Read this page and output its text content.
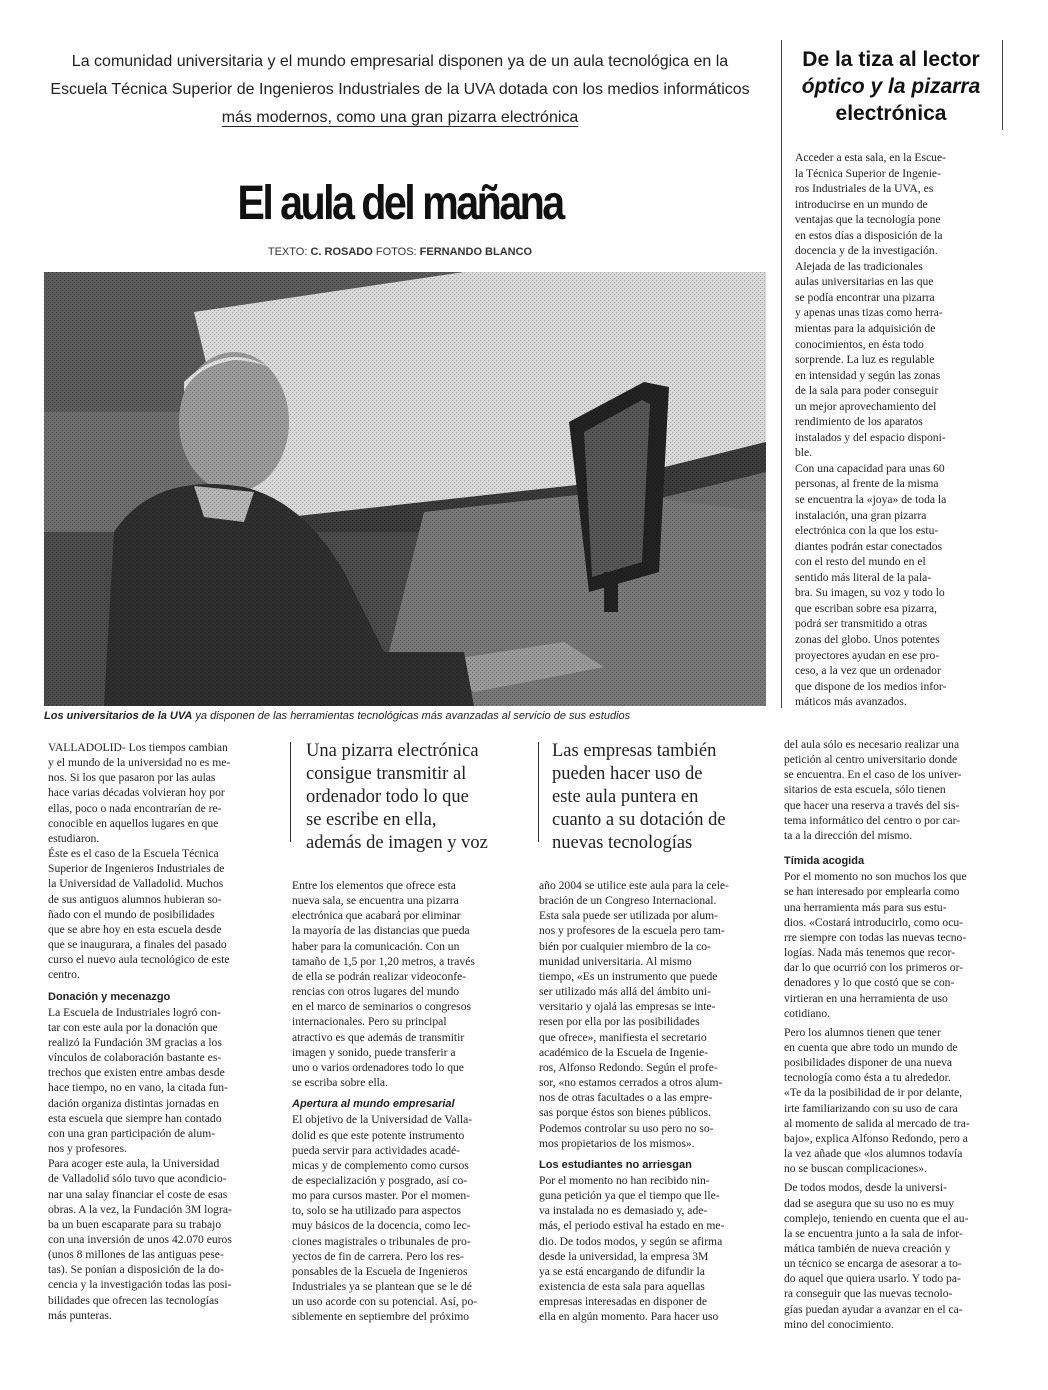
La comunidad universitaria y el mundo empresarial disponen ya de un aula tecnológica en la
Escuela Técnica Superior de Ingenieros Industriales de la UVA dotada con los medios informáticos
más modernos, como una gran pizarra electrónica
El aula del mañana
TEXTO: C. ROSADO FOTOS: FERNANDO BLANCO
Los universitarios de la UVA ya disponen de las herramientas tecnológicas más avanzadas al servicio de sus estudios
De la tiza al lector
óptico y la pizarra
electrónica
Acceder a esta sala, en la Escue-
la Técnica Superior de Ingenie-
ros Industriales de la UVA, es
introducirse en un mundo de
ventajas que la tecnología pone
en estos días a disposición de la
docencia y de la investigación.
Alejada de las tradicionales
aulas universitarias en las que
se podía encontrar una pizarra
y apenas unas tizas como herra-
mientas para la adquisición de
conocimientos, en ésta todo
sorprende. La luz es regulable
en intensidad y según las zonas
de la sala para poder conseguir
un mejor aprovechamiento del
rendimiento de los aparatos
instalados y del espacio disponi-
ble.
Con una capacidad para unas 60
personas, al frente de la misma
se encuentra la «joya» de toda la
instalación, una gran pizarra
electrónica con la que los estu-
diantes podrán estar conectados
con el resto del mundo en el
sentido más literal de la pala-
bra. Su imagen, su voz y todo lo
que escriban sobre esa pizarra,
podrá ser transmitido a otras
zonas del globo. Unos potentes
proyectores ayudan en ese pro-
ceso, a la vez que un ordenador
que dispone de los medios infor-
máticos más avanzados.
VALLADOLID- Los tiempos cambian
y el mundo de la universidad no es me-
nos. Si los que pasaron por las aulas
hace varias décadas volvieran hoy por
ellas, poco o nada encontrarían de re-
conocible en aquellos lugares en que
estudiaron.
Éste es el caso de la Escuela Técnica
Superior de Ingenieros Industriales de
la Universidad de Valladolid. Muchos
de sus antiguos alumnos hubieran so-
ñado con el mundo de posibilidades
que se abre hoy en esta escuela desde
que se inaugurara, a finales del pasado
curso el nuevo aula tecnológico de este
centro.
Donación y mecenazgo
La Escuela de Industriales logró con-
tar con este aula por la donación que
realizó la Fundación 3M gracias a los
vínculos de colaboración bastante es-
trechos que existen entre ambas desde
hace tiempo, no en vano, la citada fun-
dación organiza distintas jornadas en
esta escuela que siempre han contado
con una gran participación de alum-
nos y profesores.
Para acoger este aula, la Universidad
de Valladolid sólo tuvo que acondicio-
nar una salay financiar el coste de esas
obras. A la vez, la Fundación 3M logra-
ba un buen escaparate para su trabajo
con una inversión de unos 42.070 euros
(unos 8 millones de las antiguas pese-
tas). Se ponían a disposición de la do-
cencia y la investigación todas las posi-
bilidades que ofrecen las tecnologías
más punteras.
Una pizarra electrónica
consigue transmitir al
ordenador todo lo que
se escribe en ella,
además de imagen y voz
Entre los elementos que ofrece esta
nueva sala, se encuentra una pizarra
electrónica que acabará por eliminar
la mayoría de las distancias que pueda
haber para la comunicación. Con un
tamaño de 1,5 por 1,20 metros, a través
de ella se podrán realizar videoconfe-
rencias con otros lugares del mundo
en el marco de seminarios o congresos
internacionales. Pero su principal
atractivo es que además de transmitir
imagen y sonido, puede transferir a
uno o varios ordenadores todo lo que
se escriba sobre ella.
Apertura al mundo empresarial
El objetivo de la Universidad de Valla-
dolid es que este potente instrumento
pueda servir para actividades acadé-
micas y de complemento como cursos
de especialización y posgrado, así co-
mo para cursos master. Por el momen-
to, solo se ha utilizado para aspectos
muy básicos de la docencia, como lec-
ciones magistrales o tribunales de pro-
yectos de fin de carrera. Pero los res-
ponsables de la Escuela de Ingenieros
Industriales ya se plantean que se le dé
un uso acorde con su potencial. Así, po-
siblemente en septiembre del próximo
Las empresas también
pueden hacer uso de
este aula puntera en
cuanto a su dotación de
nuevas tecnologías
año 2004 se utilice este aula para la cele-
bración de un Congreso Internacional.
Esta sala puede ser utilizada por alum-
nos y profesores de la escuela pero tam-
bién por cualquier miembro de la co-
munidad universitaria. Al mismo
tiempo, «Es un instrumento que puede
ser utilizado más allá del ámbito uni-
versitario y ojalá las empresas se inte-
resen por ella por las posibilidades
que ofrece», manifiesta el secretario
académico de la Escuela de Ingenie-
ros, Alfonso Redondo. Según el profe-
sor, «no estamos cerrados a otros alum-
nos de otras facultades o a las empre-
sas porque éstos son bienes públicos.
Podemos controlar su uso pero no so-
mos propietarios de los mismos».
Los estudiantes no arriesgan
Por el momento no han recibido nin-
guna petición ya que el tiempo que lle-
va instalada no es demasiado y, ade-
más, el periodo estival ha estado en me-
dio. De todos modos, y según se afirma
desde la universidad, la empresa 3M
ya se está encargando de difundir la
existencia de esta sala para aquellas
empresas interesadas en disponer de
ella en algún momento. Para hacer uso
del aula sólo es necesario realizar una
petición al centro universitario donde
se encuentra. En el caso de los univer-
sitarios de esta escuela, sólo tienen
que hacer una reserva a través del sis-
tema informático del centro o por car-
ta a la dirección del mismo.
Tímida acogida
Por el momento no son muchos los que
se han interesado por emplearla como
una herramienta más para sus estu-
dios. «Costará introducirlo, como ocu-
rre siempre con todas las nuevas tecno-
logías. Nada más tenemos que recor-
dar lo que ocurrió con los primeros or-
denadores y lo que costó que se con-
virtieran en una herramienta de uso
cotidiano.
Pero los alumnos tienen que tener
en cuenta que abre todo un mundo de
posibilidades disponer de una nueva
tecnología como ésta a tu alrededor.
«Te da la posibilidad de ir por delante,
irte familiarizando con su uso de cara
al momento de salida al mercado de tra-
bajo», explica Alfonso Redondo, pero a
la vez añade que «los alumnos todavía
no se buscan complicaciones».
De todos modos, desde la universi-
dad se asegura que su uso no es muy
complejo, teniendo en cuenta que el au-
la se encuentra junto a la sala de infor-
mática también de nueva creación y
un técnico se encarga de asesorar a to-
do aquel que quiera usarlo. Y todo pa-
ra conseguir que las nuevas tecnolo-
gías puedan ayudar a avanzar en el ca-
mino del conocimiento.
